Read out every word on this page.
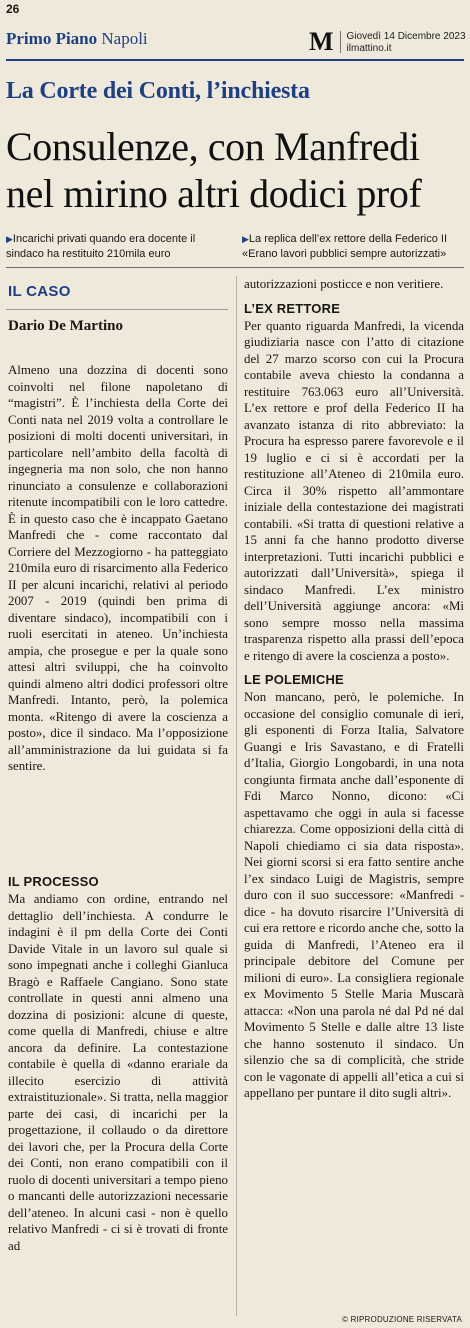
26
Primo Piano Napoli	M	Giovedì 14 Dicembre 2023
ilmattino.it
La Corte dei Conti, l’inchiesta
Consulenze, con Manfredi nel mirino altri dodici prof
▶Incarichi privati quando era docente il sindaco ha restituito 210mila euro
▶La replica dell’ex rettore della Federico II «Erano lavori pubblici sempre autorizzati»
IL CASO
Dario De Martino
Almeno una dozzina di docenti sono coinvolti nel filone napoletano di “magistri”. È l’inchiesta della Corte dei Conti nata nel 2019 volta a controllare le posizioni di molti docenti universitari, in particolare nell’ambito della facoltà di ingegneria ma non solo, che non hanno rinunciato a consulenze e collaborazioni ritenute incompatibili con le loro cattedre. È in questo caso che è incappato Gaetano Manfredi che - come raccontato dal Corriere del Mezzogiorno - ha patteggiato 210mila euro di risarcimento alla Federico II per alcuni incarichi, relativi al periodo 2007 - 2019 (quindi ben prima di diventare sindaco), incompatibili con i ruoli esercitati in ateneo. Un’inchiesta ampia, che prosegue e per la quale sono attesi altri sviluppi, che ha coinvolto quindi almeno altri dodici professori oltre Manfredi. Intanto, però, la polemica monta. «Ritengo di avere la coscienza a posto», dice il sindaco. Ma l’opposizione all’amministrazione da lui guidata si fa sentire.
IL PROCESSO
Ma andiamo con ordine, entrando nel dettaglio dell’inchiesta. A condurre le indagini è il pm della Corte dei Conti Davide Vitale in un lavoro sul quale si sono impegnati anche i colleghi Gianluca Bragò e Raffaele Cangiano. Sono state controllate in questi anni almeno una dozzina di posizioni: alcune di queste, come quella di Manfredi, chiuse e altre ancora da definire. La contestazione contabile è quella di «danno erariale da illecito esercizio di attività extraistituzionale». Si tratta, nella maggior parte dei casi, di incarichi per la progettazione, il collaudo o da direttore dei lavori che, per la Procura della Corte dei Conti, non erano compatibili con il ruolo di docenti universitari a tempo pieno o mancanti delle autorizzazioni necessarie dell’ateneo. In alcuni casi - non è quello relativo Manfredi - ci si è trovati di fronte ad
autorizzazioni posticce e non veritiere.
L’EX RETTORE
Per quanto riguarda Manfredi, la vicenda giudiziaria nasce con l’atto di citazione del 27 marzo scorso con cui la Procura contabile aveva chiesto la condanna a restituire 763.063 euro all’Università. L’ex rettore e prof della Federico II ha avanzato istanza di rito abbreviato: la Procura ha espresso parere favorevole e il 19 luglio e ci si è accordati per la restituzione all’Ateneo di 210mila euro. Circa il 30% rispetto all’ammontare iniziale della contestazione dei magistrati contabili. «Si tratta di questioni relative a 15 anni fa che hanno prodotto diverse interpretazioni. Tutti incarichi pubblici e autorizzati dall’Università», spiega il sindaco Manfredi. L’ex ministro dell’Università aggiunge ancora: «Mi sono sempre mosso nella massima trasparenza rispetto alla prassi dell’epoca e ritengo di avere la coscienza a posto».
LE POLEMICHE
Non mancano, però, le polemiche. In occasione del consiglio comunale di ieri, gli esponenti di Forza Italia, Salvatore Guangi e Iris Savastano, e di Fratelli d’Italia, Giorgio Longobardi, in una nota congiunta firmata anche dall’esponente di Fdi Marco Nonno, dicono: «Ci aspettavamo che oggi in aula si facesse chiarezza. Come opposizioni della città di Napoli chiediamo ci sia data risposta». Nei giorni scorsi si era fatto sentire anche l’ex sindaco Luigi de Magistris, sempre duro con il suo successore: «Manfredi - dice - ha dovuto risarcire l’Università di cui era rettore e ricordo anche che, sotto la guida di Manfredi, l’Ateneo era il principale debitore del Comune per milioni di euro». La consigliera regionale ex Movimento 5 Stelle Maria Muscarà attacca: «Non una parola né dal Pd né dal Movimento 5 Stelle e dalle altre 13 liste che hanno sostenuto il sindaco. Un silenzio che sa di complicità, che stride con le vagonate di appelli all’etica a cui si appellano per puntare il dito sugli altri».
© RIPRODUZIONE RISERVATA
